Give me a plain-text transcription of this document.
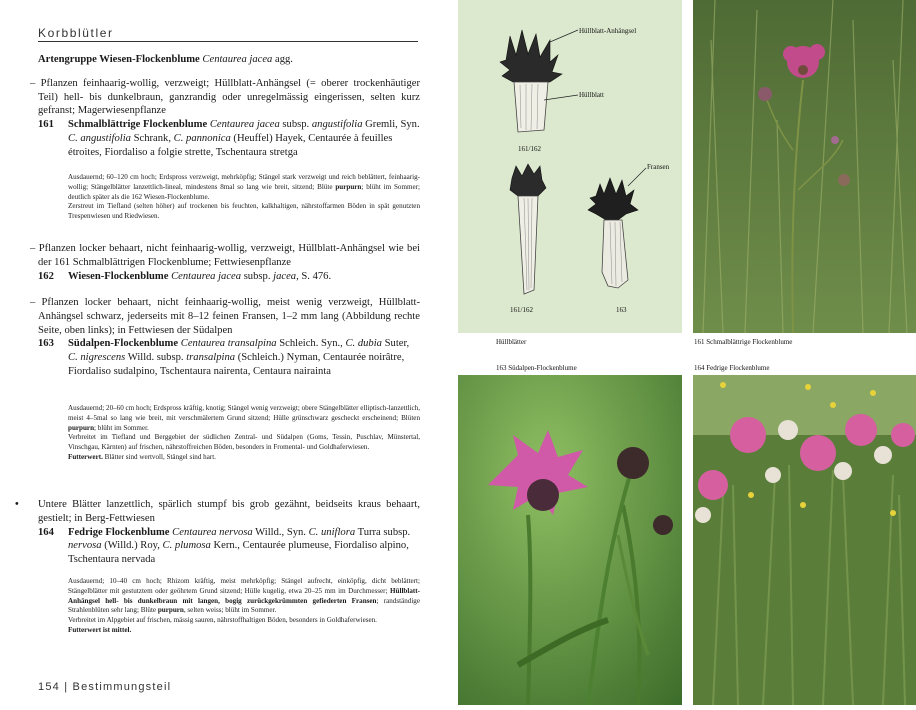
Korbblütler

Artengruppe Wiesen-Flockenblume Centaurea jacea agg.

– Pflanzen feinhaarig-wollig, verzweigt; Hüllblatt-Anhängsel (= oberer trockenhäutiger Teil) hell- bis dunkelbraun, ganzrandig oder unregelmässig eingerissen, selten kurz gefranst; Magerwiesenpflanze

161 Schmalblättrige Flockenblume Centaurea jacea subsp. angustifolia Gremli, Syn. C. angustifolia Schrank, C. pannonica (Heuffel) Hayek, Centaurée à feuilles étroites, Fiordaliso a folgie strette, Tschentaura stretga

Ausdauernd; 60–120 cm hoch; Erdspross verzweigt, mehrköpfig; Stängel stark verzweigt und reich beblättert, feinhaarig-wollig; Stängelblätter lanzettlich-lineal, mindestens 8mal so lang wie breit, sitzend; Blüte purpurn; blüht im Sommer; deutlich später als die 162 Wiesen-Flockenblume.

Zerstreut im Tiefland (selten höher) auf trockenen bis feuchten, kalkhaltigen, nährstoffarmen Böden in spät genutzten Trespenwiesen und Riedwiesen.

– Pflanzen locker behaart, nicht feinhaarig-wollig, verzweigt, Hüllblatt-Anhängsel wie bei der 161 Schmalblättrigen Flockenblume; Fettwiesenpflanze

162 Wiesen-Flockenblume Centaurea jacea subsp. jacea, S. 476.

– Pflanzen locker behaart, nicht feinhaarig-wollig, meist wenig verzweigt, Hüllblatt-Anhängsel schwarz, jederseits mit 8–12 feinen Fransen, 1–2 mm lang (Abbildung rechte Seite, oben links); in Fettwiesen der Südalpen

163 Südalpen-Flockenblume Centaurea transalpina Schleich. Syn., C. dubia Suter, C. nigrescens Willd. subsp. transalpina (Schleich.) Nyman, Centaurée noirâtre, Fiordaliso sudalpino, Tschentaura nairenta, Centaura nairainta

Ausdauernd; 20–60 cm hoch; Erdspross kräftig, knotig; Stängel wenig verzweigt; obere Stängelblätter elliptisch-lanzettlich, meist 4–5mal so lang wie breit, mit verschmälertem Grund sitzend; Hülle grünschwarz gescheckt erscheinend; Blüten purpurn; blüht im Sommer.

Verbreitet im Tiefland und Berggebiet der südlichen Zentral- und Südalpen (Goms, Tessin, Puschlav, Münstertal, Vinschgau, Kärnten) auf frischen, nährstoffreichen Böden, besonders in Fromental- und Goldhaferwiesen.

Futterwert. Blätter sind wertvoll, Stängel sind hart.

• Untere Blätter lanzettlich, spärlich stumpf bis grob gezähnt, beidseits kraus behaart, gestielt; in Berg-Fettwiesen

164 Fedrige Flockenblume Centaurea nervosa Willd., Syn. C. uniflora Turra subsp. nervosa (Willd.) Roy, C. plumosa Kern., Centaurée plumeuse, Fiordaliso alpino, Tschentaura nervada

Ausdauernd; 10–40 cm hoch; Rhizom kräftig, meist mehrköpfig; Stängel aufrecht, einköpfig, dicht beblättert; Stängelblätter mit gestutztem oder geöhrtem Grund sitzend; Hülle kugelig, etwa 20–25 mm im Durchmesser; Hüllblatt-Anhängsel hell- bis dunkelbraun mit langen, bogig zurückgekrümmten gefiederten Fransen; randständige Strahlenblüten sehr lang; Blüte purpurn, selten weiss; blüht im Sommer.

Verbreitet im Alpgebiet auf frischen, mässig sauren, nährstoffhaltigen Böden, besonders in Goldhaferwiesen.

Futterwert ist mittel.

154 | Bestimmungsteil
Hüllblatt-Anhängsel
Hüllblatt
Fransen
161/162
161/162	163
Hüllblätter	161 Schmalblättrige Flockenblume
163 Südalpen-Flockenblume	164 Fedrige Flockenblume
